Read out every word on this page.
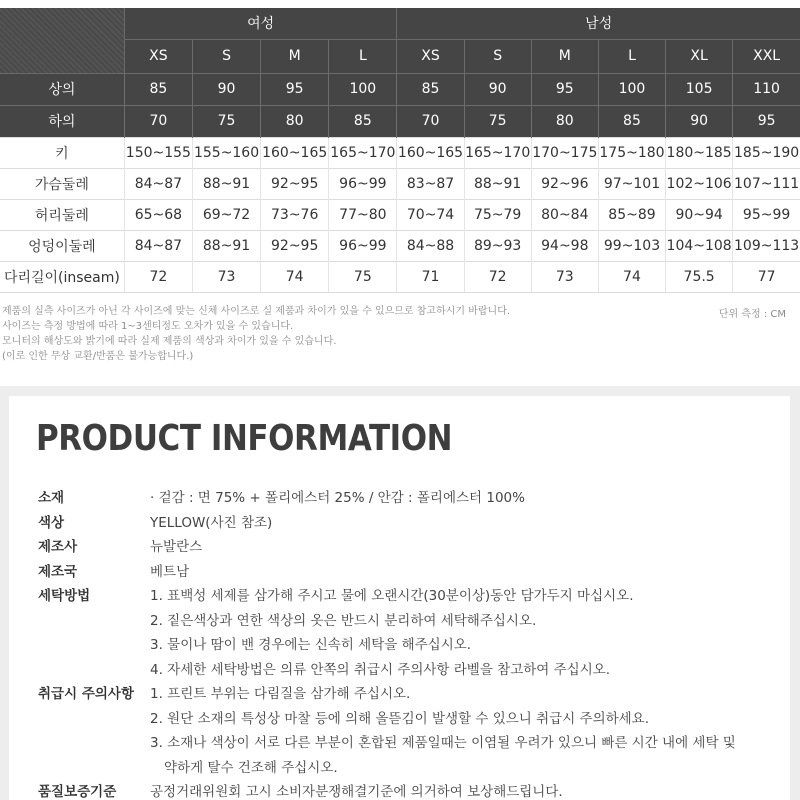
	여성				남성					
	XS	S	M	L	XS	S	M	L	XL	XXL
상의	85	90	95	100	85	90	95	100	105	110
하의	70	75	80	85	70	75	80	85	90	95
키	150~155	155~160	160~165	165~170	160~165	165~170	170~175	175~180	180~185	185~190
가슴둘레	84~87	88~91	92~95	96~99	83~87	88~91	92~96	97~101	102~106	107~111
허리둘레	65~68	69~72	73~76	77~80	70~74	75~79	80~84	85~89	90~94	95~99
엉덩이둘레	84~87	88~91	92~95	96~99	84~88	89~93	94~98	99~103	104~108	109~113
다리길이(inseam)	72	73	74	75	71	72	73	74	75.5	77
제품의 실측 사이즈가 아닌 각 사이즈에 맞는 신체 사이즈로 실 제품과 차이가 있을 수 있으므로 참고하시기 바랍니다.
사이즈는 측정 방법에 따라 1~3센티정도 오차가 있을 수 있습니다.
모니터의 해상도와 밝기에 따라 실제 제품의 색상과 차이가 있을 수 있습니다.
(이로 인한 무상 교환/반품은 불가능합니다.)
단위 측정 : CM
PRODUCT INFORMATION
소재	· 겉감 : 면 75% + 폴리에스터 25% / 안감 : 폴리에스터 100%
색상	YELLOW(사진 참조)
제조사	뉴발란스
제조국	베트남
세탁방법	1. 표백성 세제를 삼가해 주시고 물에 오랜시간(30분이상)동안 담가두지 마십시오.
2. 짙은색상과 연한 색상의 옷은 반드시 분리하여 세탁해주십시오.
3. 물이나 땀이 밴 경우에는 신속히 세탁을 해주십시오.
4. 자세한 세탁방법은 의류 안쪽의 취급시 주의사항 라벨을 참고하여 주십시오.
취급시 주의사항	1. 프린트 부위는 다림질을 삼가해 주십시오.
2. 원단 소재의 특성상 마찰 등에 의해 올뜯김이 발생할 수 있으니 취급시 주의하세요.
3. 소재나 색상이 서로 다른 부분이 혼합된 제품일때는 이염될 우려가 있으니 빠른 시간 내에 세탁 및
약하게 탈수 건조해 주십시오.
품질보증기준	공정거래위원회 고시 소비자분쟁해결기준에 의거하여 보상해드립니다.
